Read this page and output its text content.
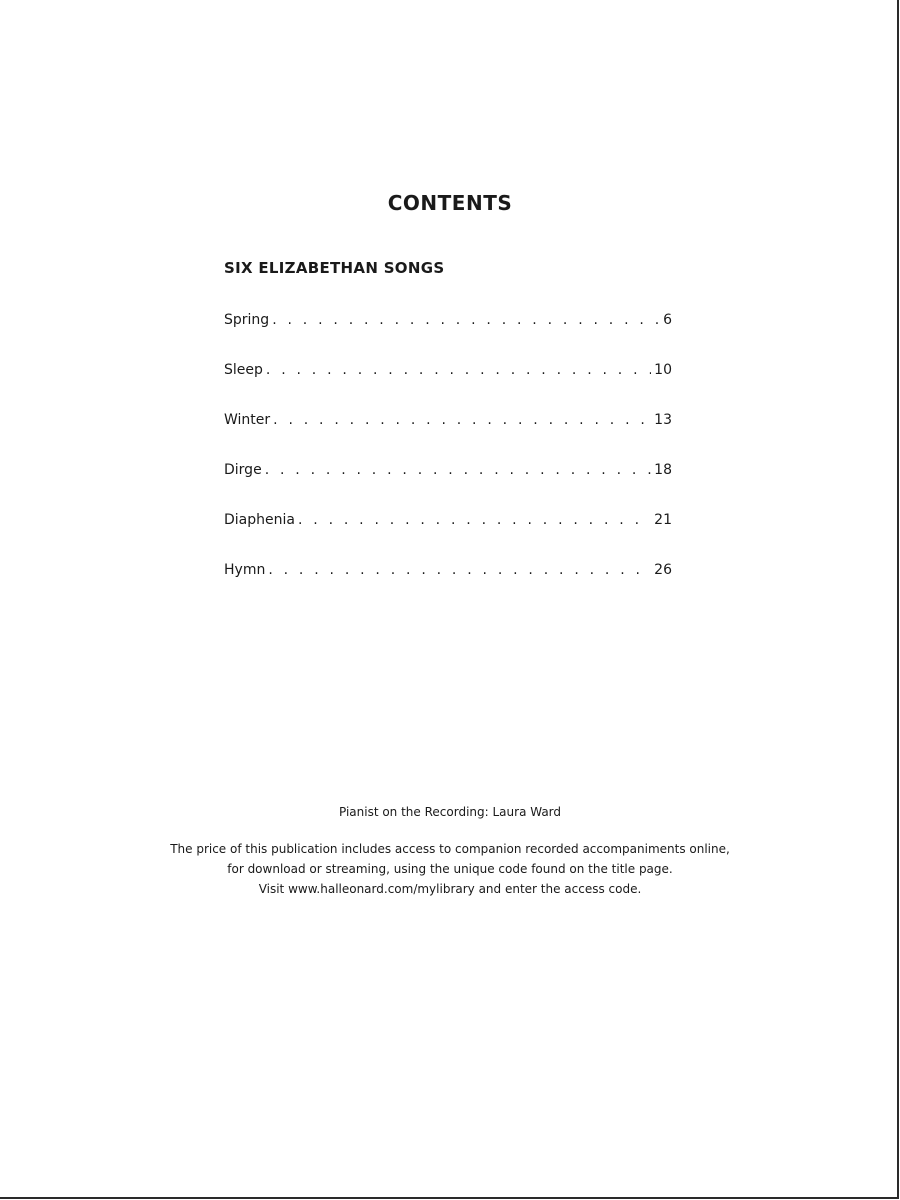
CONTENTS
SIX ELIZABETHAN SONGS
Spring . . .	6
Sleep . . .	10
Winter . . .	13
Dirge . . .	18
Diaphenia . . .	21
Hymn . . .	26
Pianist on the Recording: Laura Ward
The price of this publication includes access to companion recorded accompaniments online,
for download or streaming, using the unique code found on the title page.
Visit www.halleonard.com/mylibrary and enter the access code.
